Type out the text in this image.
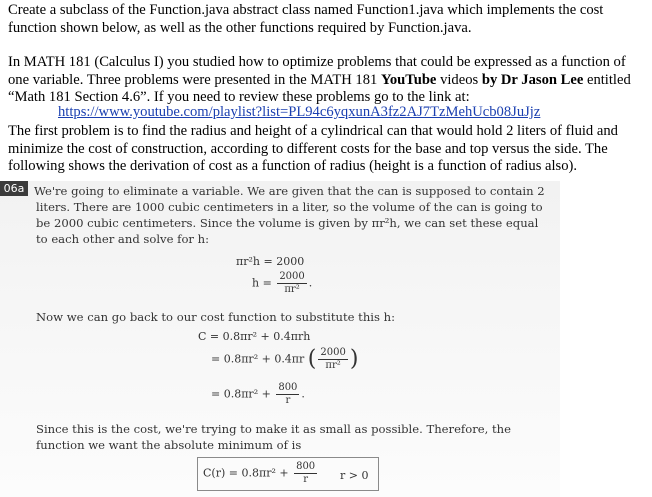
Create a subclass of the Function.java abstract class named Function1.java which implements the cost function shown below, as well as the other functions required by Function.java.
In MATH 181 (Calculus I) you studied how to optimize problems that could be expressed as a function of one variable. Three problems were presented in the MATH 181 YouTube videos by Dr Jason Lee entitled “Math 181 Section 4.6”. If you need to review these problems go to the link at:
https://www.youtube.com/playlist?list=PL94c6yqxunA3fz2AJ7TzMehUcb08JuJjz
The first problem is to find the radius and height of a cylindrical can that would hold 2 liters of fluid and minimize the cost of construction, according to different costs for the base and top versus the side. The following shows the derivation of cost as a function of radius (height is a function of radius also).
06a We're going to eliminate a variable. We are given that the can is supposed to contain 2 liters. There are 1000 cubic centimeters in a liter, so the volume of the can is going to be 2000 cubic centimeters. Since the volume is given by πr²h, we can set these equal to each other and solve for h:
πr²h = 2000
$h = \frac{2000}{\text{πr²}}$ .
Now we can go back to our cost function to substitute this h:
C = 0.8πr² + 0.4πrh
= 0.8πr² + 0.4πr ( $\frac{2000}{\text{πr²}}$ )
= $0.8\pi r^2 + \frac{800}{r}$ .
Since this is the cost, we're trying to make it as small as possible. Therefore, the function we want the absolute minimum of is
$C(r) = 0.8\pi r^2 + \frac{800}{r}$ r > 0
